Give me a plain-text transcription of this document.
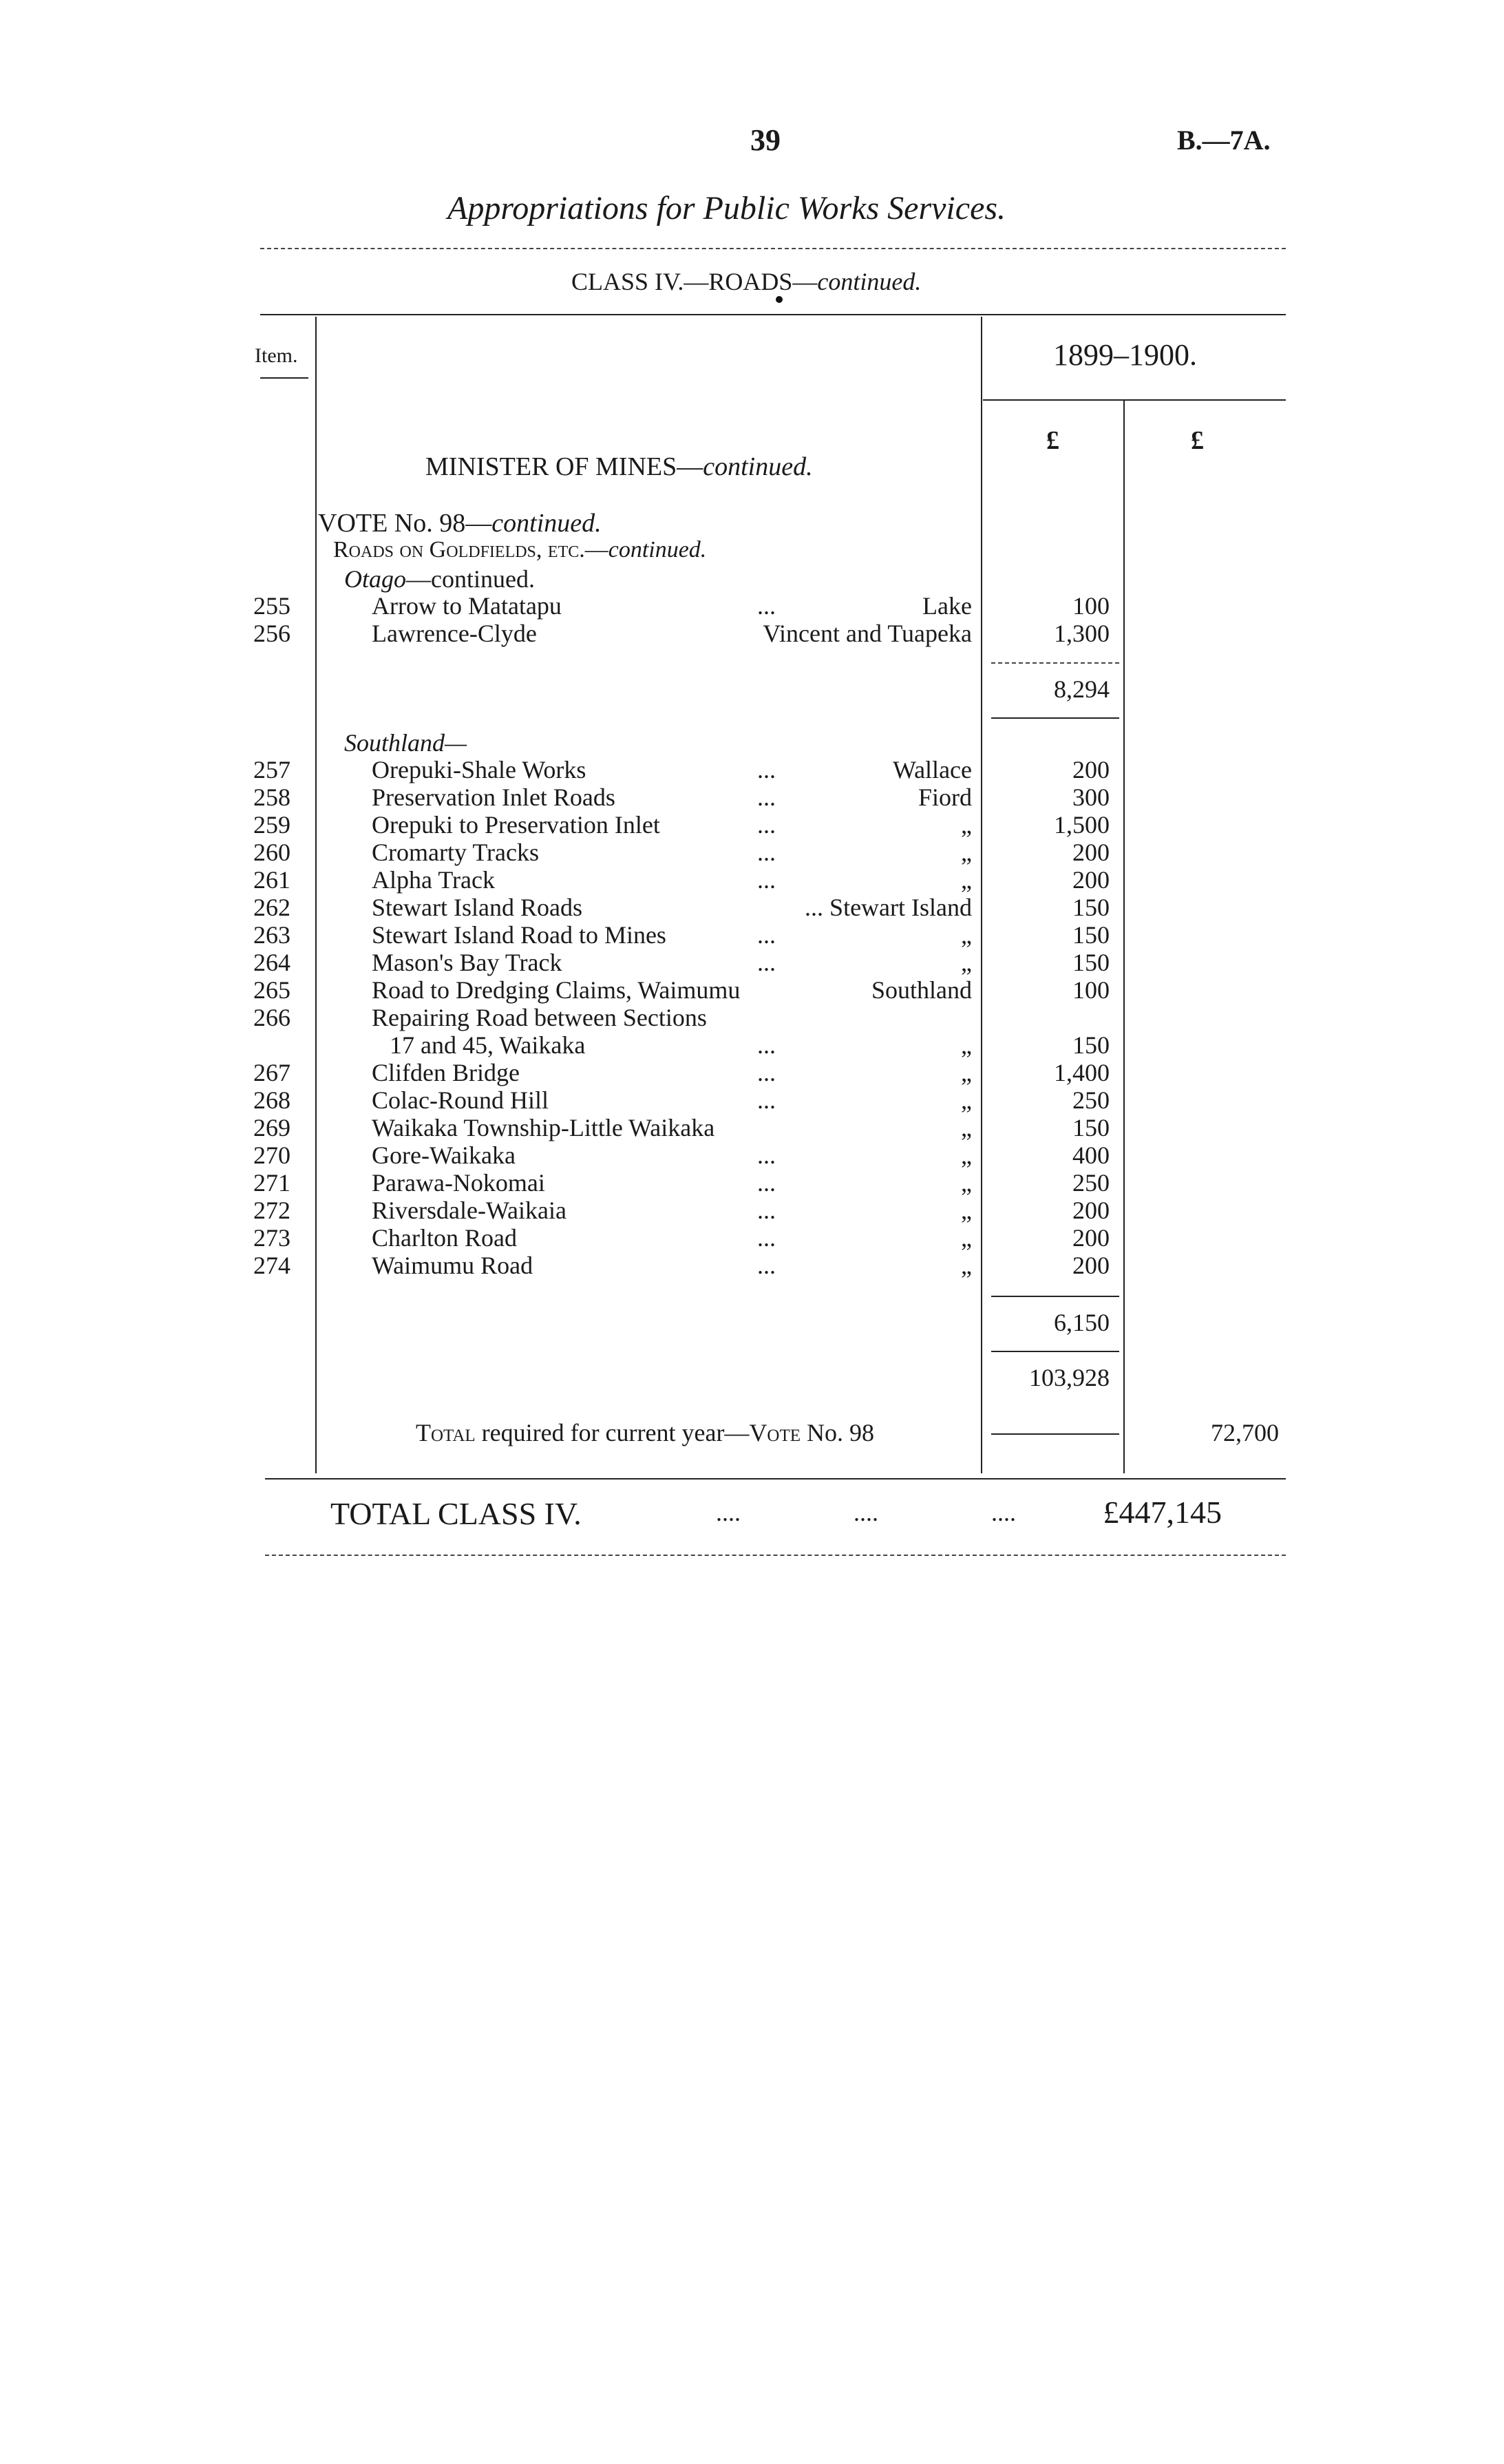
39	B.—7A.
Appropriations for Public Works Services.
CLASS IV.—ROADS—continued.
Item.	1899–1900.
£	£
MINISTER OF MINES—continued.
VOTE No. 98—continued.
Roads on Goldfields, etc.—continued.
Otago—continued.
255	Arrow to Matatapu	...	Lake	100
256	Lawrence-Clyde	Vincent and Tuapeka	1,300
8,294
Southland—
257	Orepuki-Shale Works	...	Wallace	200
258	Preservation Inlet Roads	...	Fiord	300
259	Orepuki to Preservation Inlet	...	„	1,500
260	Cromarty Tracks	...	„	200
261	Alpha Track	...	„	200
262	Stewart Island Roads	... Stewart Island	150
263	Stewart Island Road to Mines	...	„	150
264	Mason's Bay Track	...	„	150
265	Road to Dredging Claims, Waimumu	Southland	100
266	Repairing Road between Sections
17 and 45, Waikaka	...	„	150
267	Clifden Bridge	...	„	1,400
268	Colac-Round Hill	...	„	250
269	Waikaka Township-Little Waikaka	„	150
270	Gore-Waikaka	...	„	400
271	Parawa-Nokomai	...	„	250
272	Riversdale-Waikaia	...	„	200
273	Charlton Road	...	„	200
274	Waimumu Road	...	„	200
6,150
103,928
Total required for current year—Vote No. 98	72,700
TOTAL CLASS IV.	....	....	....	£447,145
